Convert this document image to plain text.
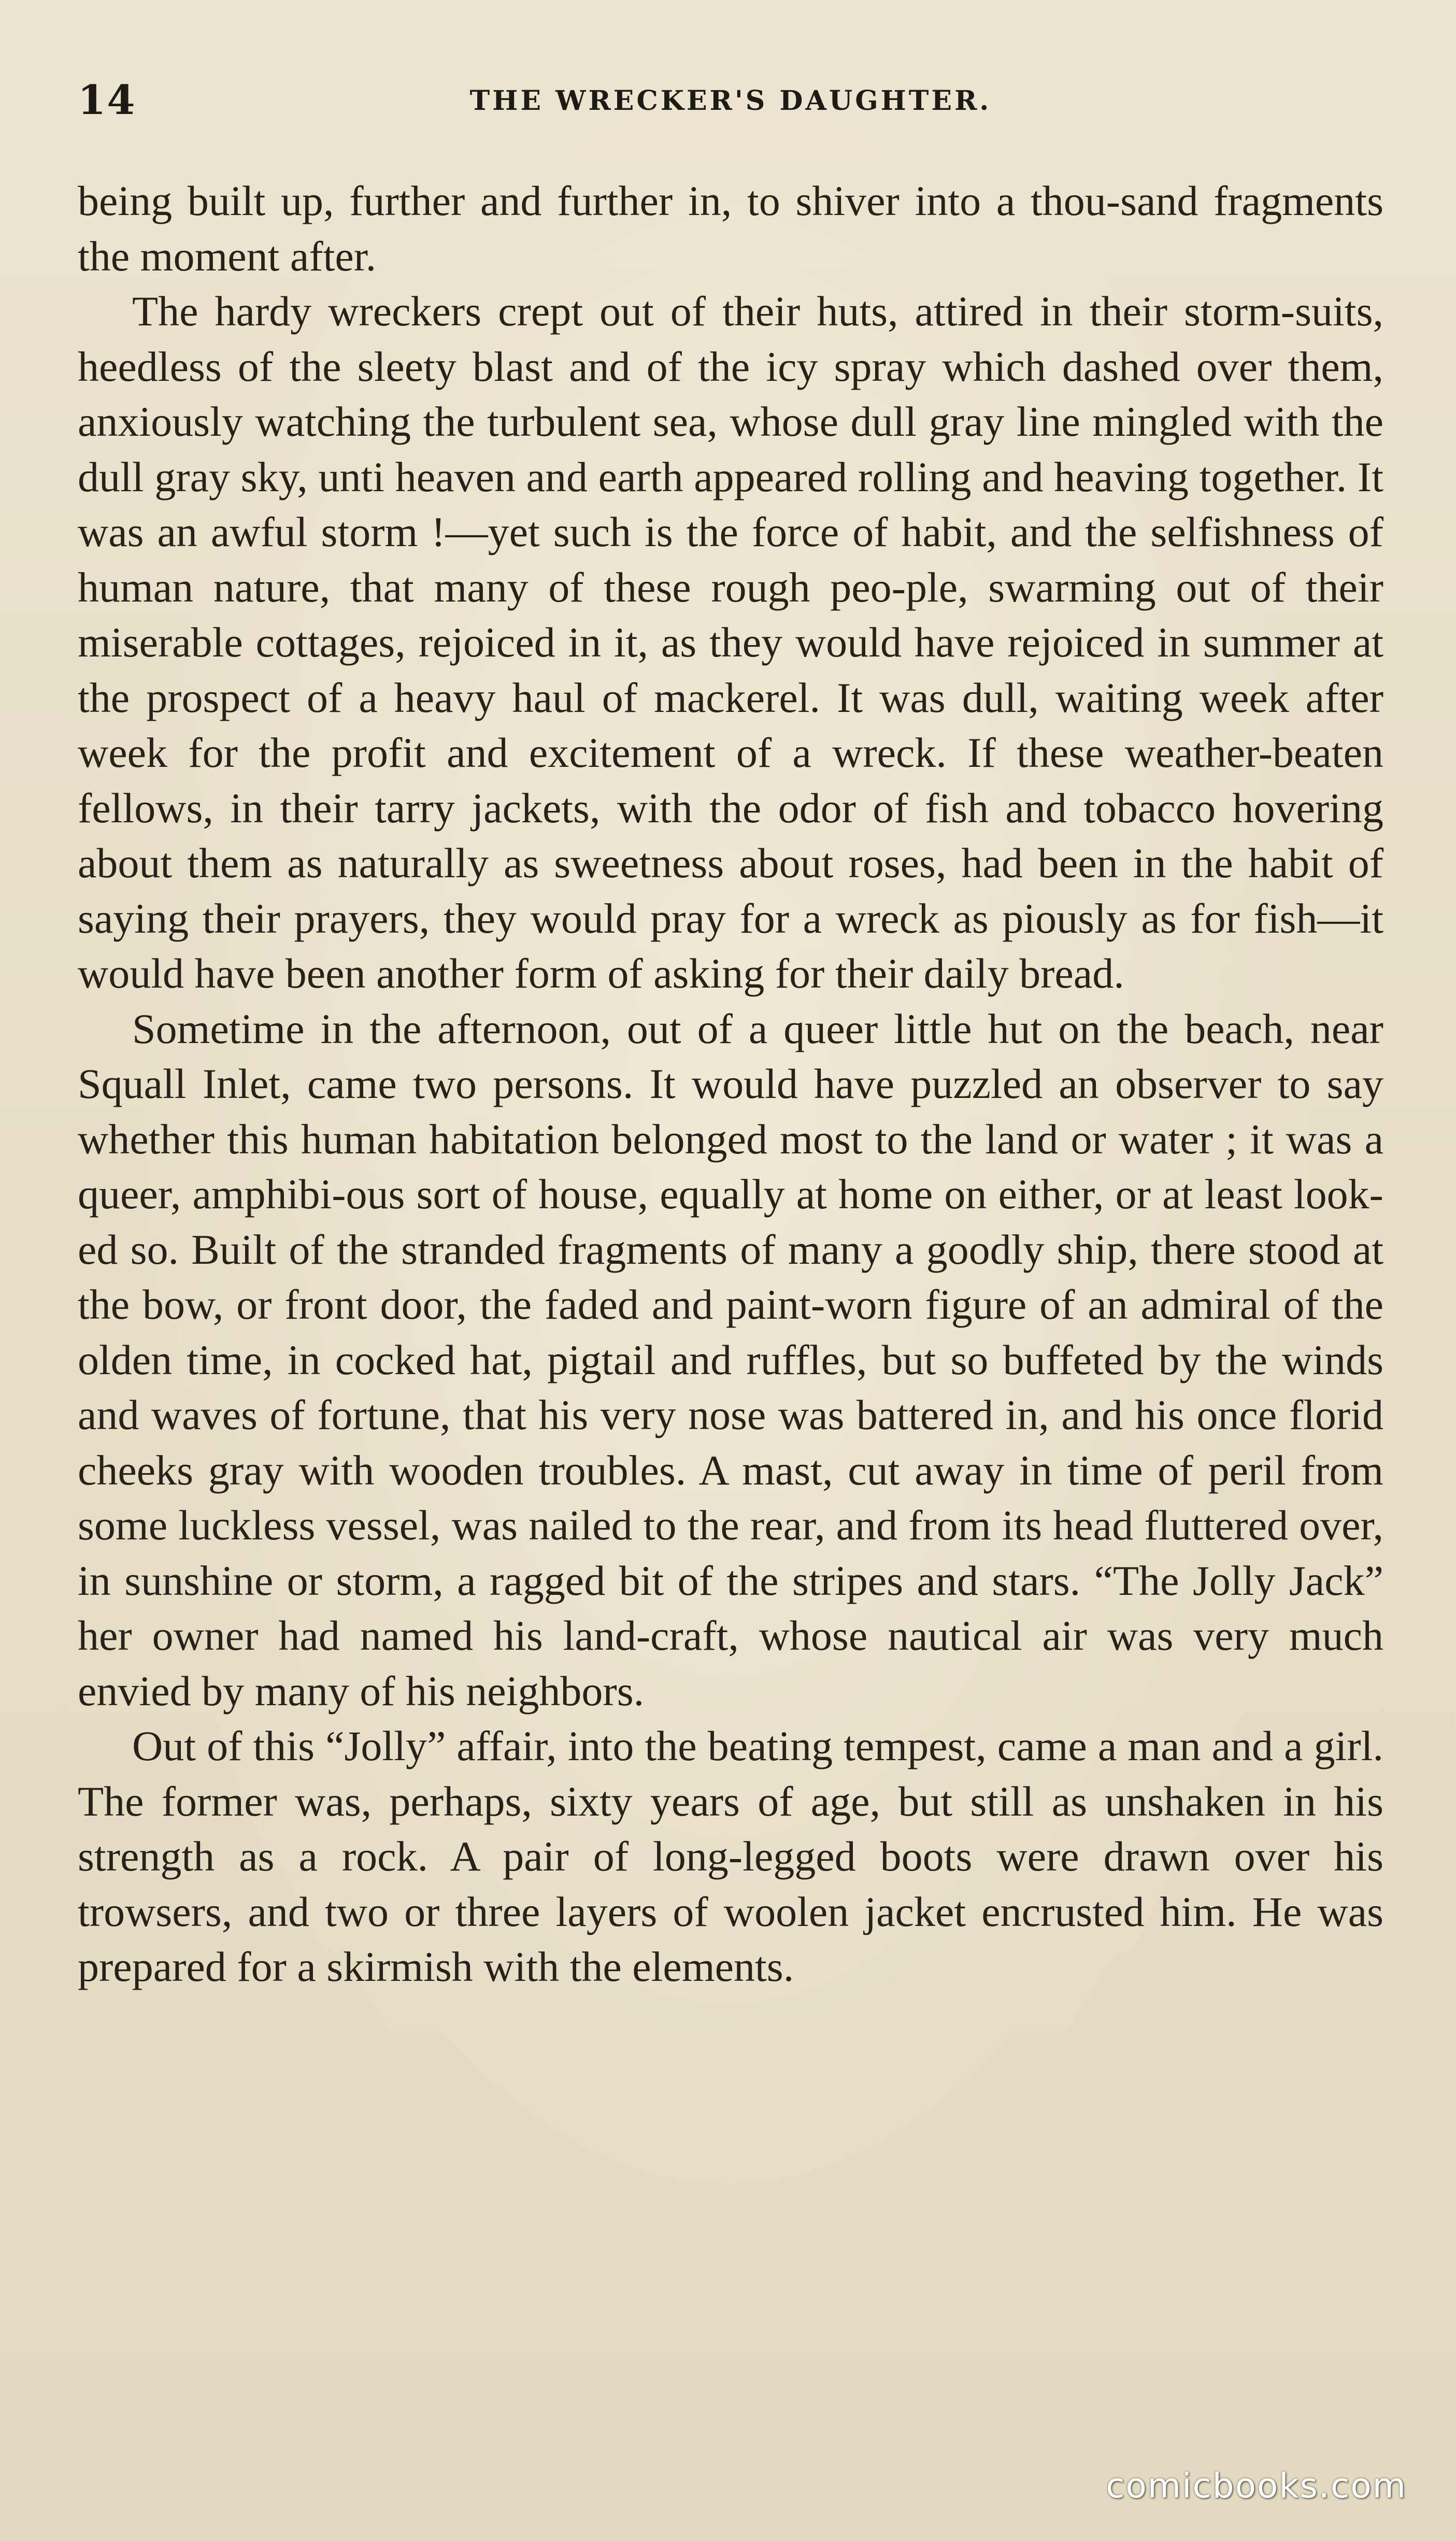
14	THE WRECKER'S DAUGHTER.

being built up, further and further in, to shiver into a thou-sand fragments the moment after.

The hardy wreckers crept out of their huts, attired in their storm-suits, heedless of the sleety blast and of the icy spray which dashed over them, anxiously watching the turbulent sea, whose dull gray line mingled with the dull gray sky, unti heaven and earth appeared rolling and heaving together. It was an awful storm !—yet such is the force of habit, and the selfishness of human nature, that many of these rough peo-ple, swarming out of their miserable cottages, rejoiced in it, as they would have rejoiced in summer at the prospect of a heavy haul of mackerel. It was dull, waiting week after week for the profit and excitement of a wreck. If these weather-beaten fellows, in their tarry jackets, with the odor of fish and tobacco hovering about them as naturally as sweetness about roses, had been in the habit of saying their prayers, they would pray for a wreck as piously as for fish—it would have been another form of asking for their daily bread.

Sometime in the afternoon, out of a queer little hut on the beach, near Squall Inlet, came two persons. It would have puzzled an observer to say whether this human habitation belonged most to the land or water ; it was a queer, amphibi-ous sort of house, equally at home on either, or at least look-ed so. Built of the stranded fragments of many a goodly ship, there stood at the bow, or front door, the faded and paint-worn figure of an admiral of the olden time, in cocked hat, pigtail and ruffles, but so buffeted by the winds and waves of fortune, that his very nose was battered in, and his once florid cheeks gray with wooden troubles. A mast, cut away in time of peril from some luckless vessel, was nailed to the rear, and from its head fluttered over, in sunshine or storm, a ragged bit of the stripes and stars. “The Jolly Jack” her owner had named his land-craft, whose nautical air was very much envied by many of his neighbors.

Out of this “Jolly” affair, into the beating tempest, came a man and a girl. The former was, perhaps, sixty years of age, but still as unshaken in his strength as a rock. A pair of long-legged boots were drawn over his trowsers, and two or three layers of woolen jacket encrusted him. He was prepared for a skirmish with the elements.

comicbooks.com
